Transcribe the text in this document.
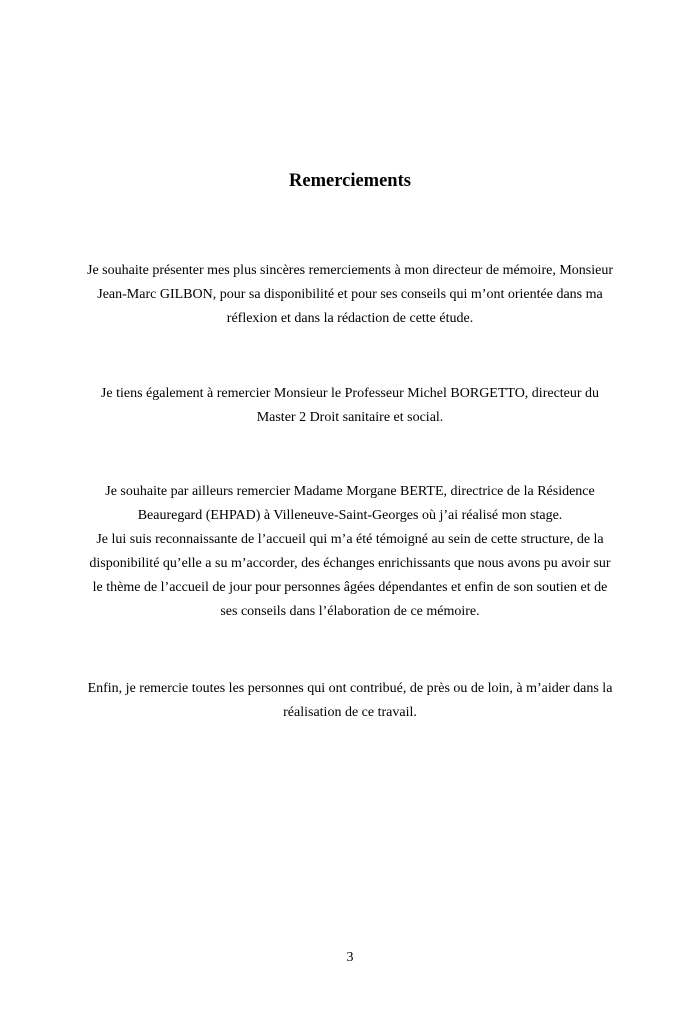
Remerciements

Je souhaite présenter mes plus sincères remerciements à mon directeur de mémoire, Monsieur
Jean-Marc GILBON, pour sa disponibilité et pour ses conseils qui m’ont orientée dans ma
réflexion et dans la rédaction de cette étude.

Je tiens également à remercier Monsieur le Professeur Michel BORGETTO, directeur du
Master 2 Droit sanitaire et social.

Je souhaite par ailleurs remercier Madame Morgane BERTE, directrice de la Résidence
Beauregard (EHPAD) à Villeneuve-Saint-Georges où j’ai réalisé mon stage.
Je lui suis reconnaissante de l’accueil qui m’a été témoigné au sein de cette structure, de la
disponibilité qu’elle a su m’accorder, des échanges enrichissants que nous avons pu avoir sur
le thème de l’accueil de jour pour personnes âgées dépendantes et enfin de son soutien et de
ses conseils dans l’élaboration de ce mémoire.

Enfin, je remercie toutes les personnes qui ont contribué, de près ou de loin, à m’aider dans la
réalisation de ce travail.

3
